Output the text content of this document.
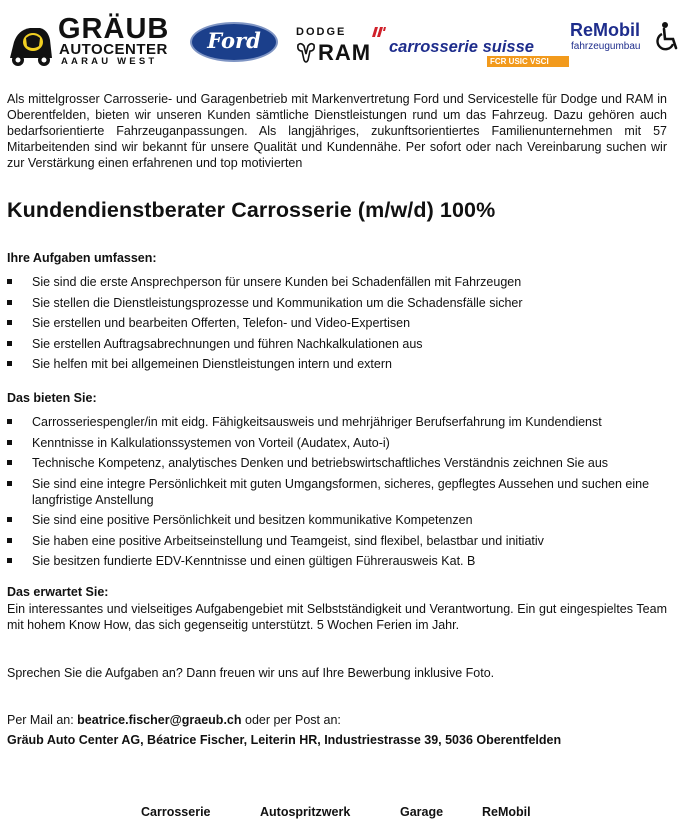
GRÄUB
AUTOCENTER
AARAU WEST
Ford	DODGE
RAM carrosserie suisse
FCR USIC VSCI
ReMobil
fahrzeugumbau

Als mittelgrosser Carrosserie- und Garagenbetrieb mit Markenvertretung Ford und Servicestelle für Dodge und RAM in Oberentfelden, bieten wir unseren Kunden sämtliche Dienstleistungen rund um das Fahrzeug. Dazu gehören auch bedarfsorientierte Fahrzeuganpassungen. Als langjähriges, zukunftsorientiertes Familienunternehmen mit 57 Mitarbeitenden sind wir bekannt für unsere Qualität und Kundennähe. Per sofort oder nach Vereinbarung suchen wir zur Verstärkung einen erfahrenen und top motivierten

Kundendienstberater Carrosserie (m/w/d) 100%

Ihre Aufgaben umfassen:

Sie sind die erste Ansprechperson für unsere Kunden bei Schadenfällen mit Fahrzeugen
Sie stellen die Dienstleistungsprozesse und Kommunikation um die Schadensfälle sicher
Sie erstellen und bearbeiten Offerten, Telefon- und Video-Expertisen
Sie erstellen Auftragsabrechnungen und führen Nachkalkulationen aus
Sie helfen mit bei allgemeinen Dienstleistungen intern und extern

Das bieten Sie:

Carrosseriespengler/in mit eidg. Fähigkeitsausweis und mehrjähriger Berufserfahrung im Kundendienst
Kenntnisse in Kalkulationssystemen von Vorteil (Audatex, Auto-i)
Technische Kompetenz, analytisches Denken und betriebswirtschaftliches Verständnis zeichnen Sie aus
Sie sind eine integre Persönlichkeit mit guten Umgangsformen, sicheres, gepflegtes Aussehen und suchen eine langfristige Anstellung
Sie sind eine positive Persönlichkeit und besitzen kommunikative Kompetenzen
Sie haben eine positive Arbeitseinstellung und Teamgeist, sind flexibel, belastbar und initiativ
Sie besitzen fundierte EDV-Kenntnisse und einen gültigen Führerausweis Kat. B

Das erwartet Sie:

Ein interessantes und vielseitiges Aufgabengebiet mit Selbstständigkeit und Verantwortung. Ein gut eingespieltes Team mit hohem Know How, das sich gegenseitig unterstützt. 5 Wochen Ferien im Jahr.

Sprechen Sie die Aufgaben an? Dann freuen wir uns auf Ihre Bewerbung inklusive Foto.

Per Mail an: beatrice.fischer@graeub.ch oder per Post an:

Gräub Auto Center AG, Béatrice Fischer, Leiterin HR, Industriestrasse 39, 5036 Oberentfelden

Carrosserie	Autospritzwerk	Garage	ReMobil
